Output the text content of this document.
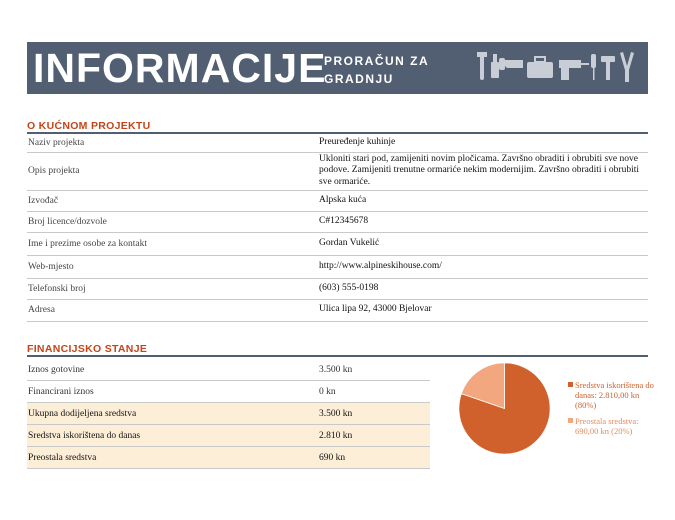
INFORMACIJE
PRORAČUN ZA
GRADNJU
O KUĆNOM PROJEKTU
Naziv projekta	Preuređenje kuhinje
Opis projekta	Ukloniti stari pod, zamijeniti novim pločicama. Završno obraditi i obrubiti sve nove podove. Zamijeniti trenutne ormariće nekim modernijim. Završno obraditi i obrubiti sve ormariće.
Izvođač	Alpska kuća
Broj licence/dozvole	C#12345678
Ime i prezime osobe za kontakt	Gordan Vukelić
Web-mjesto	http://www.alpineskihouse.com/
Telefonski broj	(603) 555-0198
Adresa	Ulica lipa 92, 43000 Bjelovar
FINANCIJSKO STANJE
Iznos gotovine	3.500 kn
Financirani iznos	0 kn
Ukupna dodijeljena sredstva	3.500 kn
Sredstva iskorištena do danas	2.810 kn
Preostala sredstva	690 kn
Sredstva iskorištena do danas: 2.810,00 kn (80%)
Preostala sredstva: 690,00 kn (20%)
